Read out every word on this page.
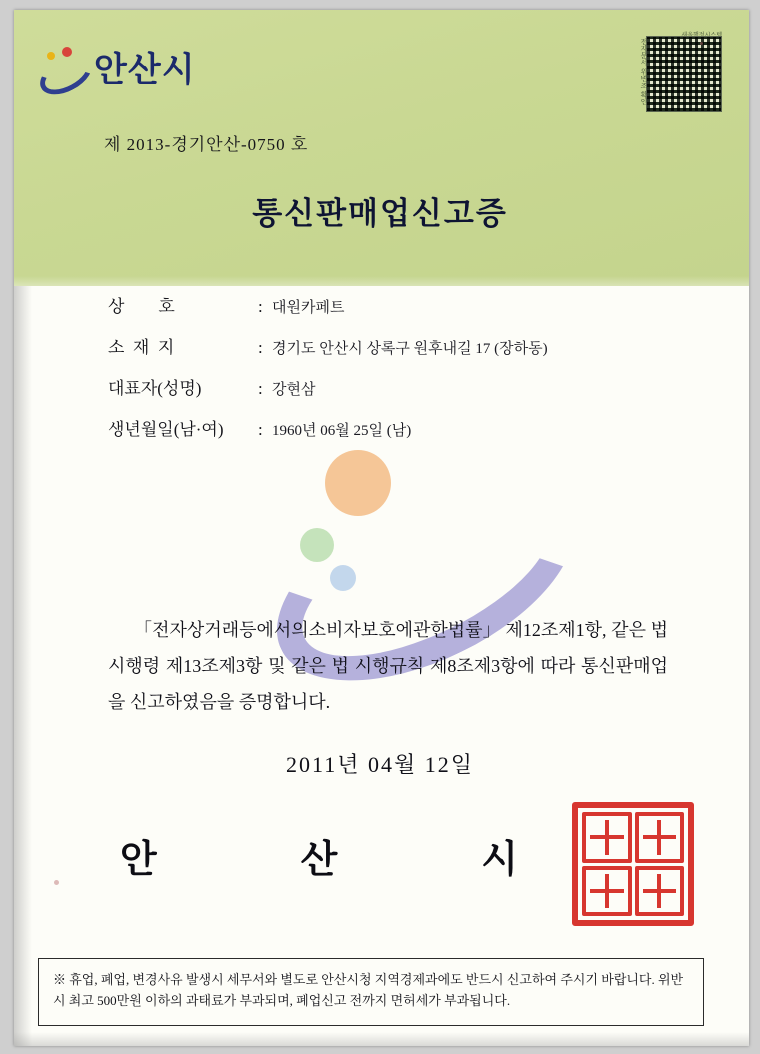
안산시	전자문서 위변조 확인
제 2013-경기안산-0750 호
통신판매업신고증
상        호	: 대원카페트
소  재  지	: 경기도 안산시 상록구 원후내길 17 (장하동)
대표자(성명)	: 강현삼
생년월일(남·여)	: 1960년 06월 25일 (남)
「전자상거래등에서의소비자보호에관한법률」 제12조제1항, 같은 법 시행령 제13조제3항 및 같은 법 시행규칙 제8조제3항에 따라 통신판매업을 신고하였음을 증명합니다.
2011년 04월 12일
안	산	시
※ 휴업, 폐업, 변경사유 발생시 세무서와 별도로 안산시청 지역경제과에도 반드시 신고하여 주시기 바랍니다. 위반시 최고 500만원 이하의 과태료가 부과되며, 폐업신고 전까지 면허세가 부과됩니다.
